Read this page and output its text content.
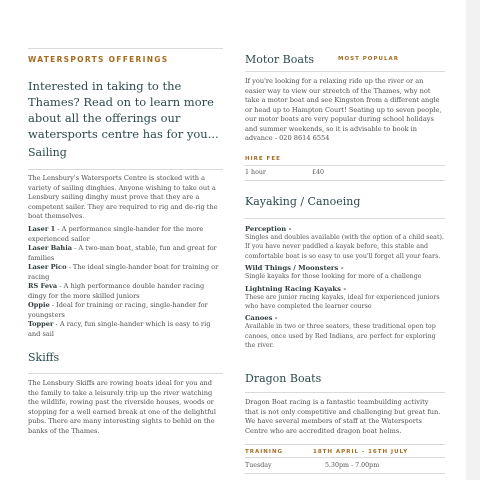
WATERSPORTS OFFERINGS
Interested in taking to the Thames? Read on to learn more about all the offerings our watersports centre has for you...
Sailing
The Lensbury's Watersports Centre is stocked with a variety of sailing dinghies. Anyone wishing to take out a Lensbury sailing dinghy must prove that they are a competent sailer. They are required to rig and de-rig the boat themselves.
Laser 1 - A performance single-hander for the more experienced sailor
Laser Bahia - A two-man boat, stable, fun and great for families
Laser Pico - The ideal single-hander boat for training or racing
RS Feva - A high performance double hander racing dingy for the more skilled juniors
Oppie - Ideal for training or racing, single-hander for youngsters
Topper - A racy, fun single-hander which is easy to rig and sail
Skiffs
The Lensbury Skiffs are rowing boats ideal for you and the family to take a leisurely trip up the river watching the wildlife, rowing past the riverside houses, woods or stopping for a well earned break at one of the delightful pubs. There are many interesting sights to behld on the banks of the Thames.
Motor Boats	MOST POPULAR
If you're looking for a relaxing ride up the river or an easier way to view our streetch of the Thames, why not take a motor boat and see Kingston from a different angle or head up to Hampton Court! Seating up to seven people, our motor boats are very popular during school holidays and summer weekends, so it is advisable to book in advance - 020 8614 6554
HIRE FEE
1 hour	£40
Kayaking / Canoeing
Perception -
Singles and doubles available (with the option of a child seat). If you have never paddled a kayak before, this stable and comfortable boat is so easy to use you'll forget all your fears.
Wild Things / Moonsters -
Single kayaks for those looking for more of a challenge
Lightning Racing Kayaks -
These are junior racing kayaks, ideal for experienced juniors who have completed the learner course
Canoes -
Available in two or three seaters, these traditional open top canoes, once used by Red Indians, are perfect for exploring the river.
Dragon Boats
Dragon Boat racing is a fantastic teambuilding activity that is not only competitive and challenging but great fun. We have several members of staff at the Watersports Centre who are accredited dragon boat helms.
TRAINING	18TH APRIL - 16TH JULY
Tuesday	5.30pm - 7.00pm
